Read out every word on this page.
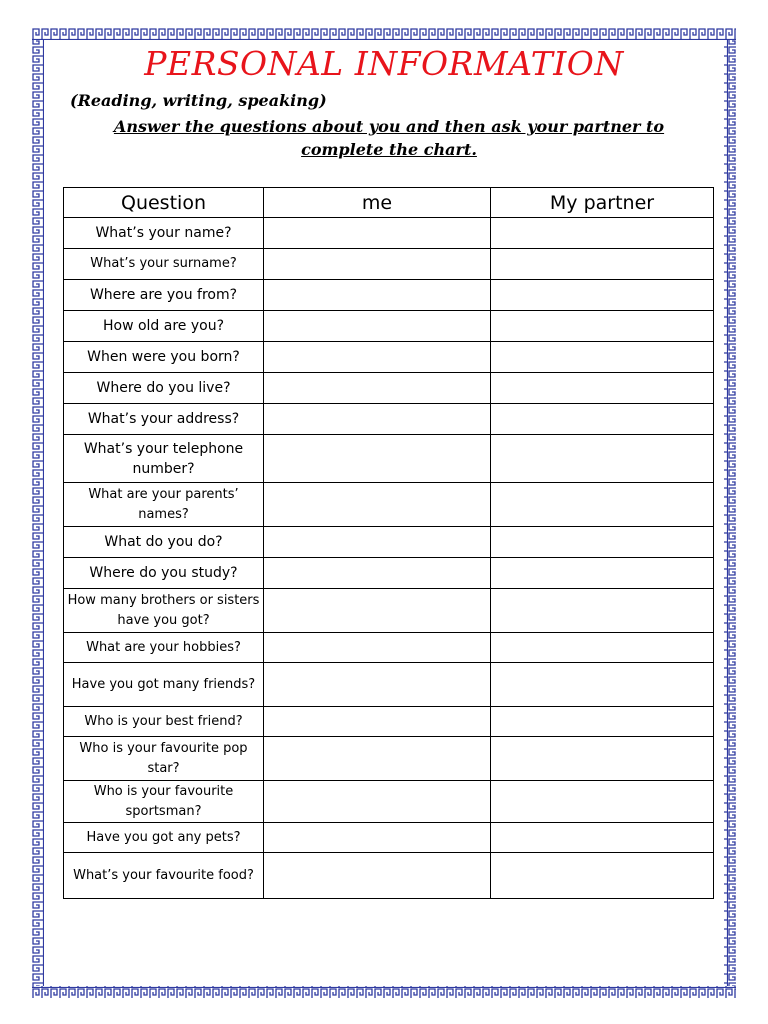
PERSONAL INFORMATION
(Reading, writing, speaking)
Answer the questions about you and then ask your partner to complete the chart.
Question	me	My partner
What’s your name?		
What’s your surname?		
Where are you from?		
How old are you?		
When were you born?		
Where do you live?		
What’s your address?		
What’s your telephone number?		
What are your parents’ names?		
What do you do?		
Where do you study?		
How many brothers or sisters have you got?		
What are your hobbies?		
Have you got many friends?		
Who is your best friend?		
Who is your favourite pop star?		
Who is your favourite sportsman?		
Have you got any pets?		
What’s your favourite food?		
